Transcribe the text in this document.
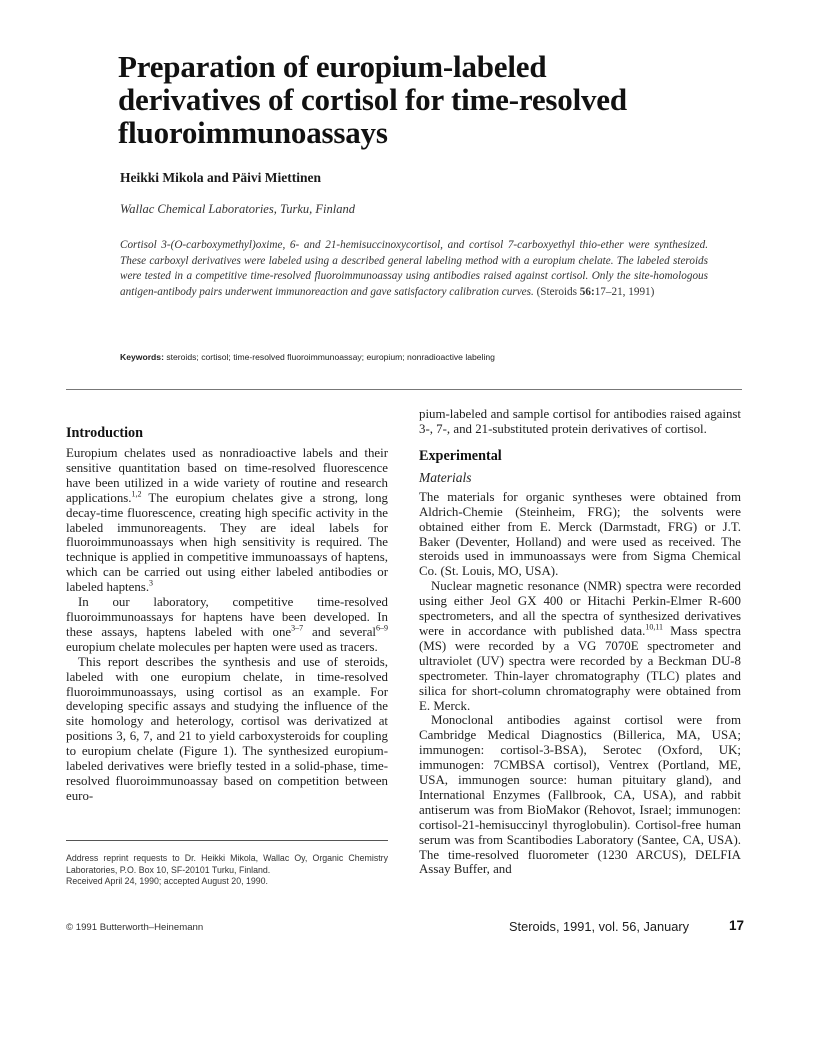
Preparation of europium-labeled
derivatives of cortisol for time-resolved
fluoroimmunoassays
Heikki Mikola and Päivi Miettinen
Wallac Chemical Laboratories, Turku, Finland
Cortisol 3-(O-carboxymethyl)oxime, 6- and 21-hemisuccinoxycortisol, and cortisol 7-carboxyethyl thio-ether were synthesized. These carboxyl derivatives were labeled using a described general labeling method with a europium chelate. The labeled steroids were tested in a competitive time-resolved fluoroimmunoassay using antibodies raised against cortisol. Only the site-homologous antigen-antibody pairs underwent immunoreaction and gave satisfactory calibration curves. (Steroids 56:17–21, 1991)
Keywords: steroids; cortisol; time-resolved fluoroimmunoassay; europium; nonradioactive labeling
Introduction

Europium chelates used as nonradioactive labels and their sensitive quantitation based on time-resolved fluorescence have been utilized in a wide variety of routine and research applications.$^{1,2}$ The europium chelates give a strong, long decay-time fluorescence, creating high specific activity in the labeled immunoreagents. They are ideal labels for fluoroimmunoassays when high sensitivity is required. The technique is applied in competitive immunoassays of haptens, which can be carried out using either labeled antibodies or labeled haptens.$^3$

In our laboratory, competitive time-resolved fluoroimmunoassays for haptens have been developed. In these assays, haptens labeled with one$^{3-7}$ and several$^{6-9}$ europium chelate molecules per hapten were used as tracers.

This report describes the synthesis and use of steroids, labeled with one europium chelate, in time-resolved fluoroimmunoassays, using cortisol as an example. For developing specific assays and studying the influence of the site homology and heterology, cortisol was derivatized at positions 3, 6, 7, and 21 to yield carboxysteroids for coupling to europium chelate (Figure 1). The synthesized europium-labeled derivatives were briefly tested in a solid-phase, time-resolved fluoroimmunoassay based on competition between euro-

pium-labeled and sample cortisol for antibodies raised against 3-, 7-, and 21-substituted protein derivatives of cortisol.

Experimental
Materials

The materials for organic syntheses were obtained from Aldrich-Chemie (Steinheim, FRG); the solvents were obtained either from E. Merck (Darmstadt, FRG) or J.T. Baker (Deventer, Holland) and were used as received. The steroids used in immunoassays were from Sigma Chemical Co. (St. Louis, MO, USA).

Nuclear magnetic resonance (NMR) spectra were recorded using either Jeol GX 400 or Hitachi Perkin-Elmer R-600 spectrometers, and all the spectra of synthesized derivatives were in accordance with published data.$^{10,11}$ Mass spectra (MS) were recorded by a VG 7070E spectrometer and ultraviolet (UV) spectra were recorded by a Beckman DU-8 spectrometer. Thin-layer chromatography (TLC) plates and silica for short-column chromatography were obtained from E. Merck.

Monoclonal antibodies against cortisol were from Cambridge Medical Diagnostics (Billerica, MA, USA; immunogen: cortisol-3-BSA), Serotec (Oxford, UK; immunogen: 7CMBSA cortisol), Ventrex (Portland, ME, USA, immunogen source: human pituitary gland), and International Enzymes (Fallbrook, CA, USA), and rabbit antiserum was from BioMakor (Rehovot, Israel; immunogen: cortisol-21-hemisuccinyl thyroglobulin). Cortisol-free human serum was from Scantibodies Laboratory (Santee, CA, USA). The time-resolved fluorometer (1230 ARCUS), DELFIA Assay Buffer, and

Address reprint requests to Dr. Heikki Mikola, Wallac Oy, Organic Chemistry Laboratories, P.O. Box 10, SF-20101 Turku, Finland.
Received April 24, 1990; accepted August 20, 1990.
© 1991 Butterworth–Heinemann	Steroids, 1991, vol. 56, January	17
